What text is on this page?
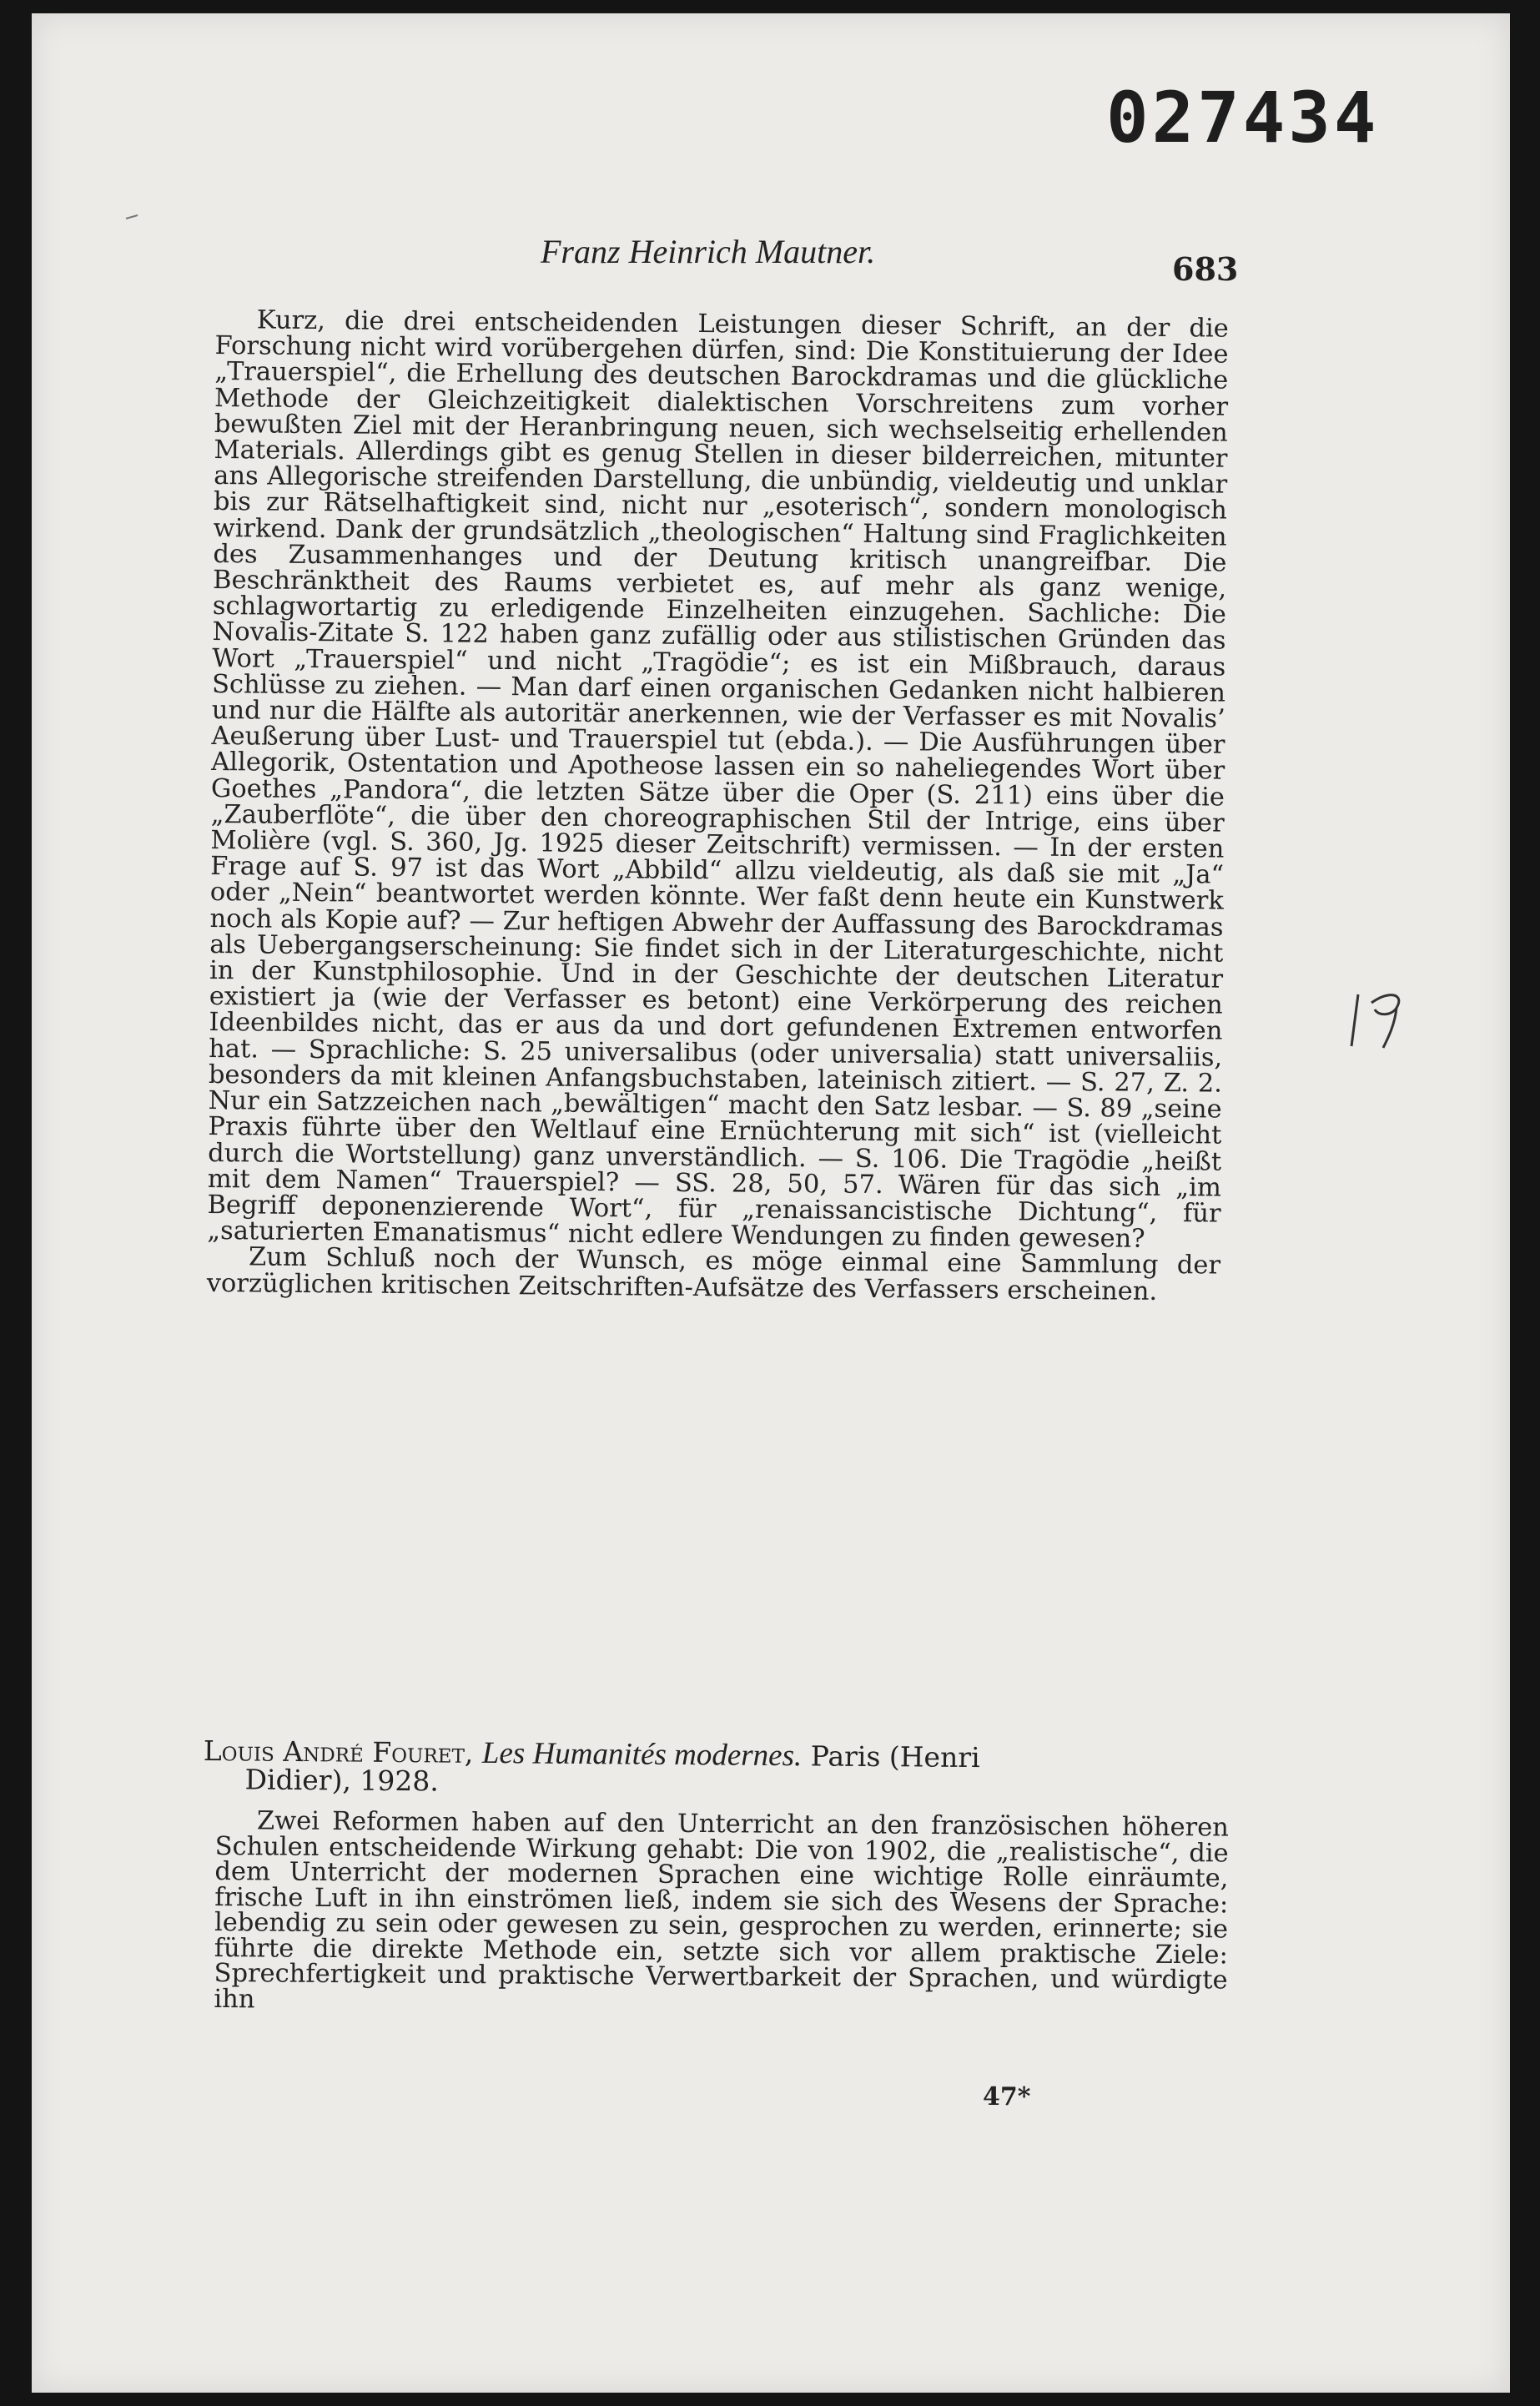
027434
Franz Heinrich Mautner.	683

Kurz, die drei entscheidenden Leistungen dieser Schrift, an der die Forschung nicht wird vorübergehen dürfen, sind: Die Konstituierung der Idee „Trauerspiel“, die Erhellung des deutschen Barockdramas und die glückliche Methode der Gleichzeitigkeit dialektischen Vorschreitens zum vorher bewußten Ziel mit der Heranbringung neuen, sich wechselseitig erhellenden Materials. Allerdings gibt es genug Stellen in dieser bilderreichen, mitunter ans Allegorische streifenden Darstellung, die unbündig, vieldeutig und unklar bis zur Rätselhaftigkeit sind, nicht nur „esoterisch“, sondern monologisch wirkend. Dank der grundsätzlich „theologischen“ Haltung sind Fraglichkeiten des Zusammenhanges und der Deutung kritisch unangreifbar. Die Beschränktheit des Raums verbietet es, auf mehr als ganz wenige, schlagwortartig zu erledigende Einzelheiten einzugehen. Sachliche: Die Novalis-Zitate S. 122 haben ganz zufällig oder aus stilistischen Gründen das Wort „Trauerspiel“ und nicht „Tragödie“; es ist ein Mißbrauch, daraus Schlüsse zu ziehen. — Man darf einen organischen Gedanken nicht halbieren und nur die Hälfte als autoritär anerkennen, wie der Verfasser es mit Novalis’ Aeußerung über Lust- und Trauerspiel tut (ebda.). — Die Ausführungen über Allegorik, Ostentation und Apotheose lassen ein so naheliegendes Wort über Goethes „Pandora“, die letzten Sätze über die Oper (S. 211) eins über die „Zauberflöte“, die über den choreographischen Stil der Intrige, eins über Molière (vgl. S. 360, Jg. 1925 dieser Zeitschrift) vermissen. — In der ersten Frage auf S. 97 ist das Wort „Abbild“ allzu vieldeutig, als daß sie mit „Ja“ oder „Nein“ beantwortet werden könnte. Wer faßt denn heute ein Kunstwerk noch als Kopie auf? — Zur heftigen Abwehr der Auffassung des Barockdramas als Uebergangserscheinung: Sie findet sich in der Literaturgeschichte, nicht in der Kunstphilosophie. Und in der Geschichte der deutschen Literatur existiert ja (wie der Verfasser es betont) eine Verkörperung des reichen Ideenbildes nicht, das er aus da und dort gefundenen Extremen entworfen hat. — Sprachliche: S. 25 universalibus (oder universalia) statt universaliis, besonders da mit kleinen Anfangsbuchstaben, lateinisch zitiert. — S. 27, Z. 2. Nur ein Satzzeichen nach „bewältigen“ macht den Satz lesbar. — S. 89 „seine Praxis führte über den Weltlauf eine Ernüchterung mit sich“ ist (vielleicht durch die Wortstellung) ganz unverständlich. — S. 106. Die Tragödie „heißt mit dem Namen“ Trauerspiel? — SS. 28, 50, 57. Wären für das sich „im Begriff deponenzierende Wort“, für „renaissancistische Dichtung“, für „saturierten Emanatismus“ nicht edlere Wendungen zu finden gewesen?

Zum Schluß noch der Wunsch, es möge einmal eine Sammlung der vorzüglichen kritischen Zeitschriften-Aufsätze des Verfassers erscheinen.

Louis André Fouret, Les Humanités modernes. Paris (Henri
Didier), 1928.

Zwei Reformen haben auf den Unterricht an den französischen höheren Schulen entscheidende Wirkung gehabt: Die von 1902, die „realistische“, die dem Unterricht der modernen Sprachen eine wichtige Rolle einräumte, frische Luft in ihn einströmen ließ, indem sie sich des Wesens der Sprache: lebendig zu sein oder gewesen zu sein, gesprochen zu werden, erinnerte; sie führte die direkte Methode ein, setzte sich vor allem praktische Ziele: Sprechfertigkeit und praktische Verwertbarkeit der Sprachen, und würdigte ihn

47*
